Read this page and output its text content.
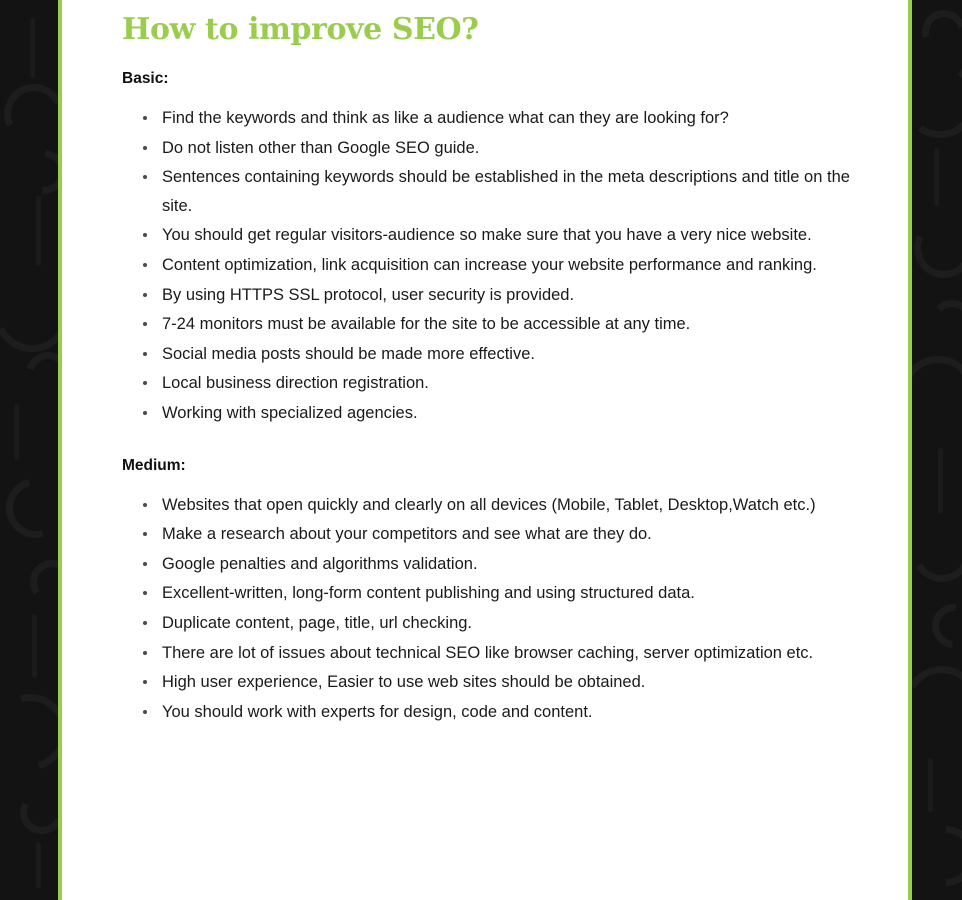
How to improve SEO?
Basic:
Find the keywords and think as like a audience what can they are looking for?
Do not listen other than Google SEO guide.
Sentences containing keywords should be established in the meta descriptions and title on the site.
You should get regular visitors-audience so make sure that you have a very nice website.
Content optimization, link acquisition can increase your website performance and ranking.
By using HTTPS SSL protocol, user security is provided.
7-24 monitors must be available for the site to be accessible at any time.
Social media posts should be made more effective.
Local business direction registration.
Working with specialized agencies.
Medium:
Websites that open quickly and clearly on all devices (Mobile, Tablet, Desktop,Watch etc.)
Make a research about your competitors and see what are they do.
Google penalties and algorithms validation.
Excellent-written, long-form content publishing and using structured data.
Duplicate content, page, title, url checking.
There are lot of issues about technical SEO like browser caching, server optimization etc.
High user experience, Easier to use web sites should be obtained.
You should work with experts for design, code and content.
